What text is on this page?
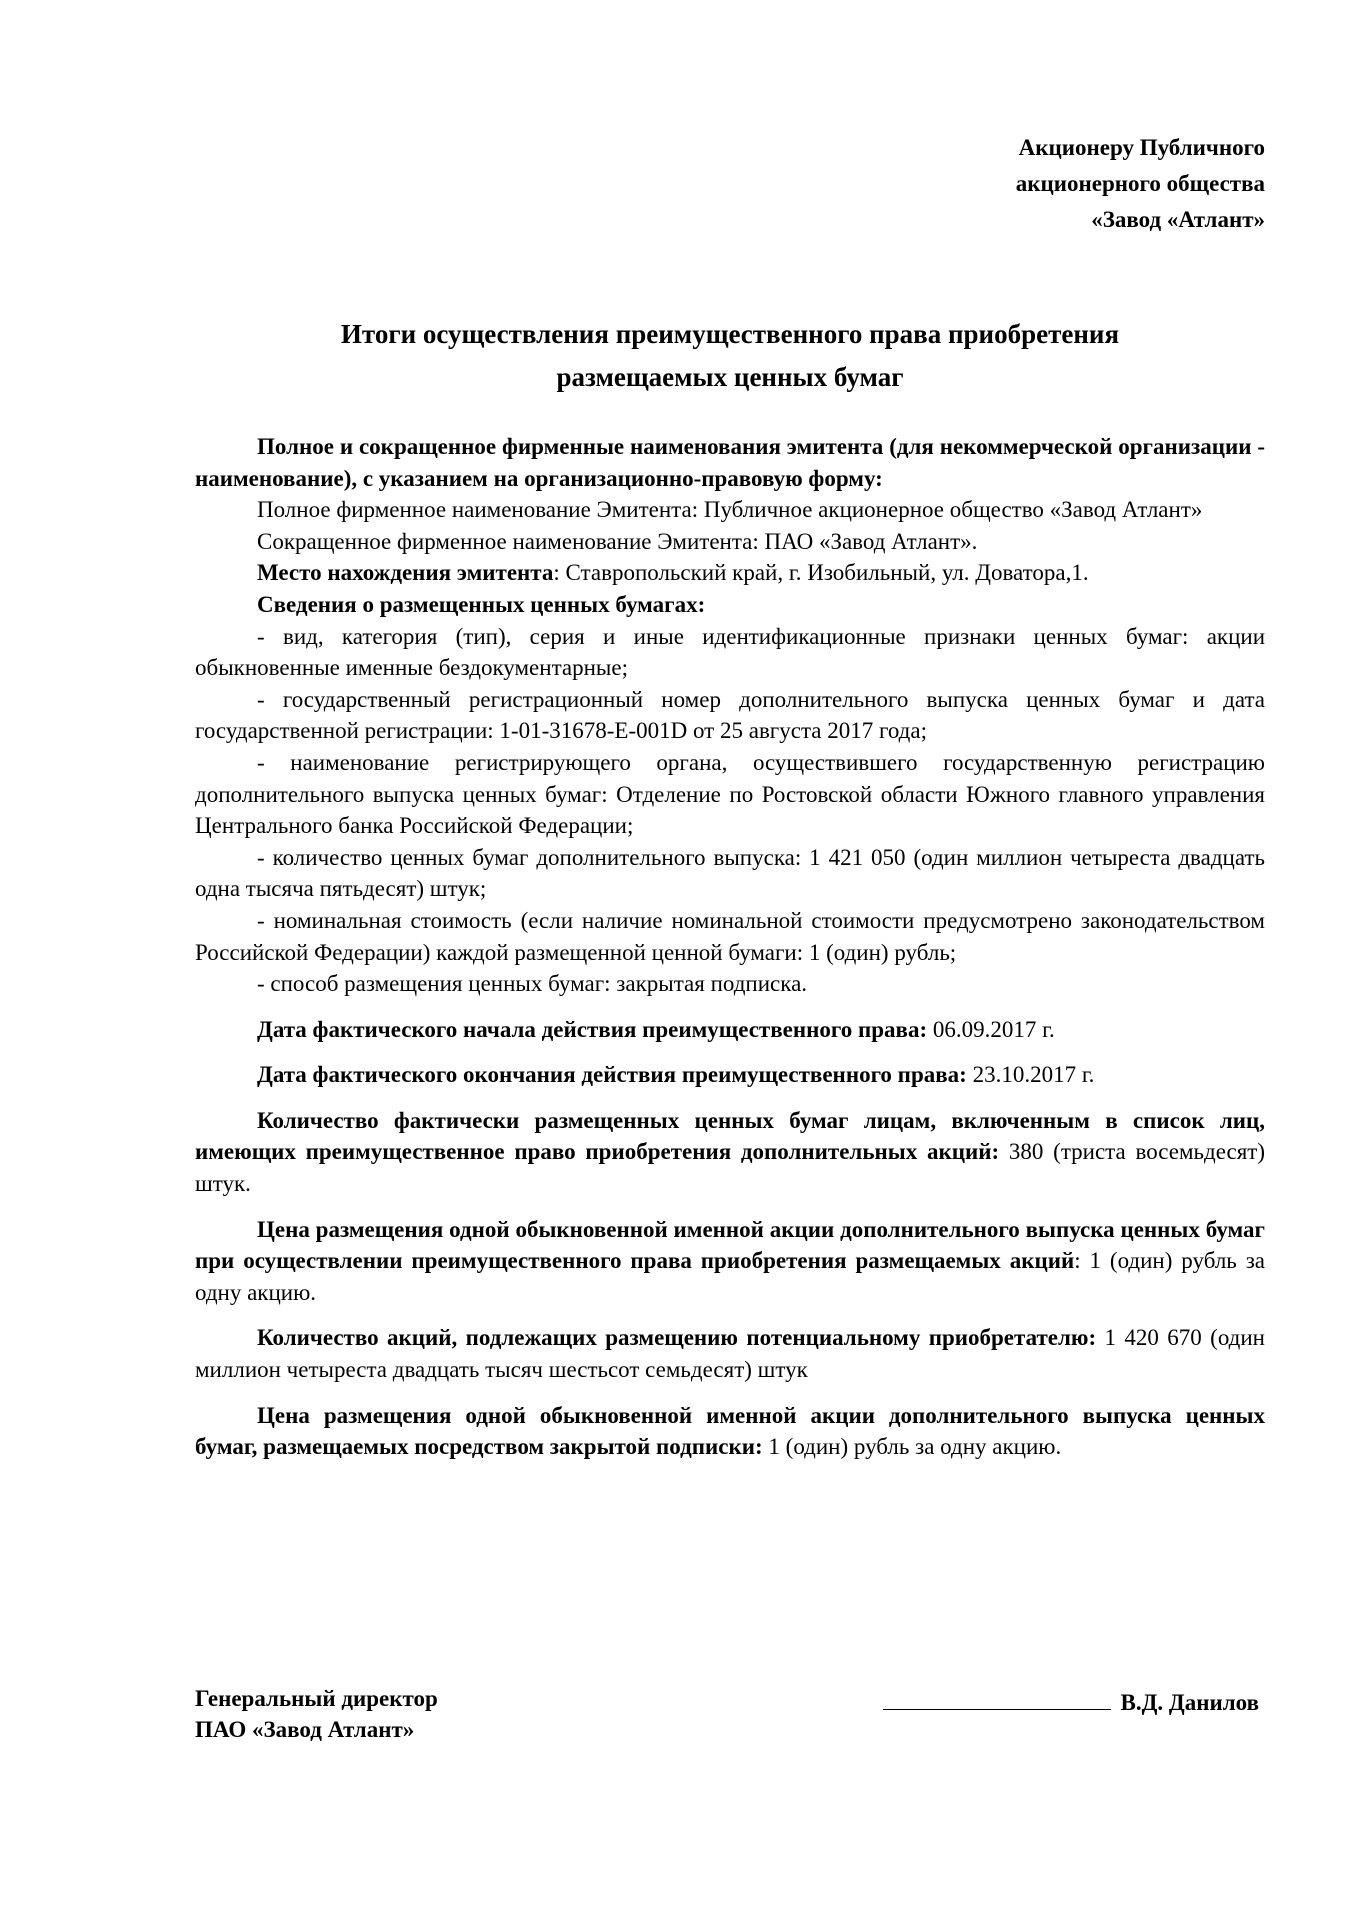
Акционеру Публичного
акционерного общества
«Завод «Атлант»
Итоги осуществления преимущественного права приобретения
размещаемых ценных бумаг

Полное и сокращенное фирменные наименования эмитента (для некоммерческой организации - наименование), с указанием на организационно-правовую форму:

Полное фирменное наименование Эмитента: Публичное акционерное общество «Завод Атлант»

Сокращенное фирменное наименование Эмитента: ПАО «Завод Атлант».

Место нахождения эмитента: Ставропольский край, г. Изобильный, ул. Доватора,1.

Сведения о размещенных ценных бумагах:

- вид, категория (тип), серия и иные идентификационные признаки ценных бумаг: акции обыкновенные именные бездокументарные;

- государственный регистрационный номер дополнительного выпуска ценных бумаг и дата государственной регистрации: 1-01-31678-Е-001D от 25 августа 2017 года;

- наименование регистрирующего органа, осуществившего государственную регистрацию дополнительного выпуска ценных бумаг: Отделение по Ростовской области Южного главного управления Центрального банка Российской Федерации;

- количество ценных бумаг дополнительного выпуска: 1 421 050 (один миллион четыреста двадцать одна тысяча пятьдесят) штук;

- номинальная стоимость (если наличие номинальной стоимости предусмотрено законодательством Российской Федерации) каждой размещенной ценной бумаги: 1 (один) рубль;

- способ размещения ценных бумаг: закрытая подписка.

Дата фактического начала действия преимущественного права: 06.09.2017 г.

Дата фактического окончания действия преимущественного права: 23.10.2017 г.

Количество фактически размещенных ценных бумаг лицам, включенным в список лиц, имеющих преимущественное право приобретения дополнительных акций: 380 (триста восемьдесят) штук.

Цена размещения одной обыкновенной именной акции дополнительного выпуска ценных бумаг при осуществлении преимущественного права приобретения размещаемых акций: 1 (один) рубль за одну акцию.

Количество акций, подлежащих размещению потенциальному приобретателю: 1 420 670 (один миллион четыреста двадцать тысяч шестьсот семьдесят) штук

Цена размещения одной обыкновенной именной акции дополнительного выпуска ценных бумаг, размещаемых посредством закрытой подписки: 1 (один) рубль за одну акцию.

Генеральный директор
ПАО «Завод Атлант»
В.Д. Данилов
